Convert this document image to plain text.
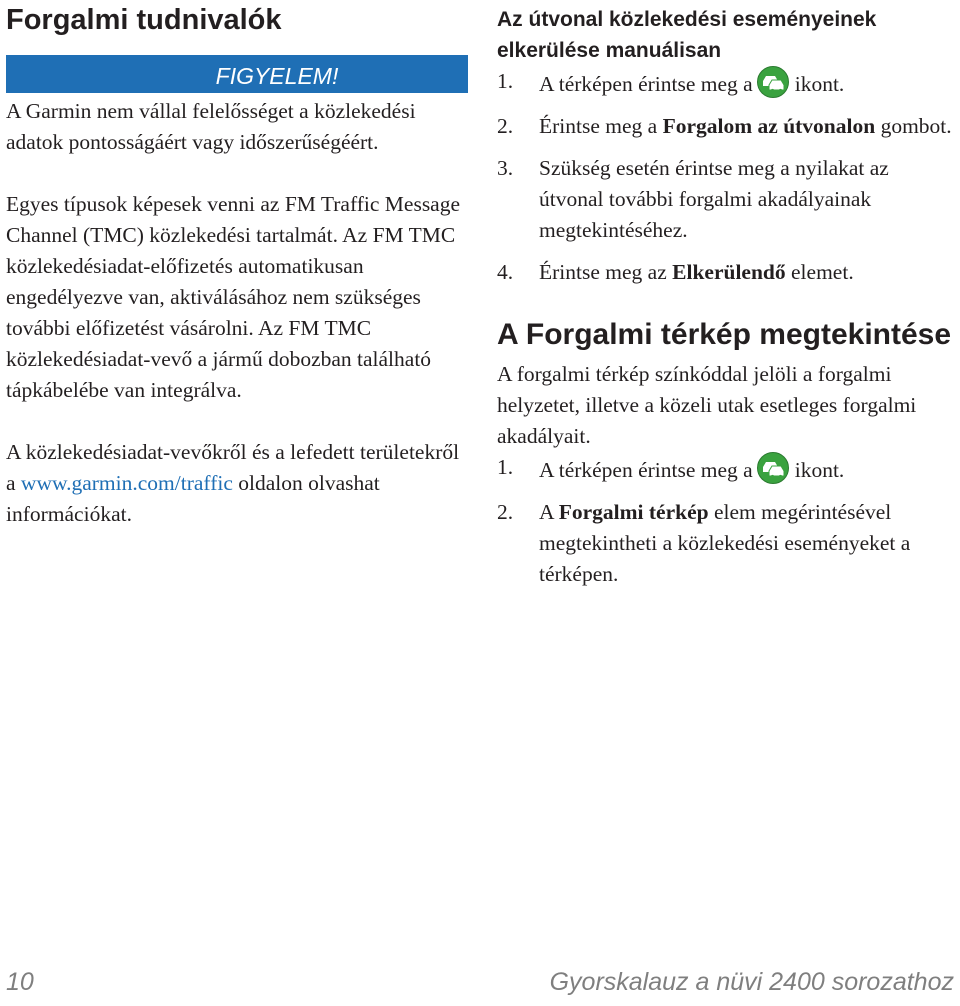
Forgalmi tudnivalók
FIGYELEM!

A Garmin nem vállal felelősséget a közlekedési adatok pontosságáért vagy időszerűségéért.

Egyes típusok képesek venni az FM Traffic Message Channel (TMC) közlekedési tartalmát. Az FM TMC közlekedésiadat-előfizetés automatikusan engedélyezve van, aktiválásához nem szükséges további előfizetést vásárolni. Az FM TMC közlekedésiadat-vevő a jármű dobozban található tápkábelébe van integrálva.

A közlekedésiadat-vevőkről és a lefedett területekről a www.garmin.com/traffic oldalon olvashat információkat.

Az útvonal közlekedési eseményeinek elkerülése manuálisan
1. A térképen érintse meg a ikont.
2. Érintse meg a Forgalom az útvonalon gombot.
3. Szükség esetén érintse meg a nyilakat az útvonal további forgalmi akadályainak megtekintéséhez.
4. Érintse meg az Elkerülendő elemet.
A Forgalmi térkép megtekintése

A forgalmi térkép színkóddal jelöli a forgalmi helyzetet, illetve a közeli utak esetleges forgalmi akadályait.

1. A térképen érintse meg a ikont.
2. A Forgalmi térkép elem megérintésével megtekintheti a közlekedési eseményeket a térképen.
10	Gyorskalauz a nüvi 2400 sorozathoz
